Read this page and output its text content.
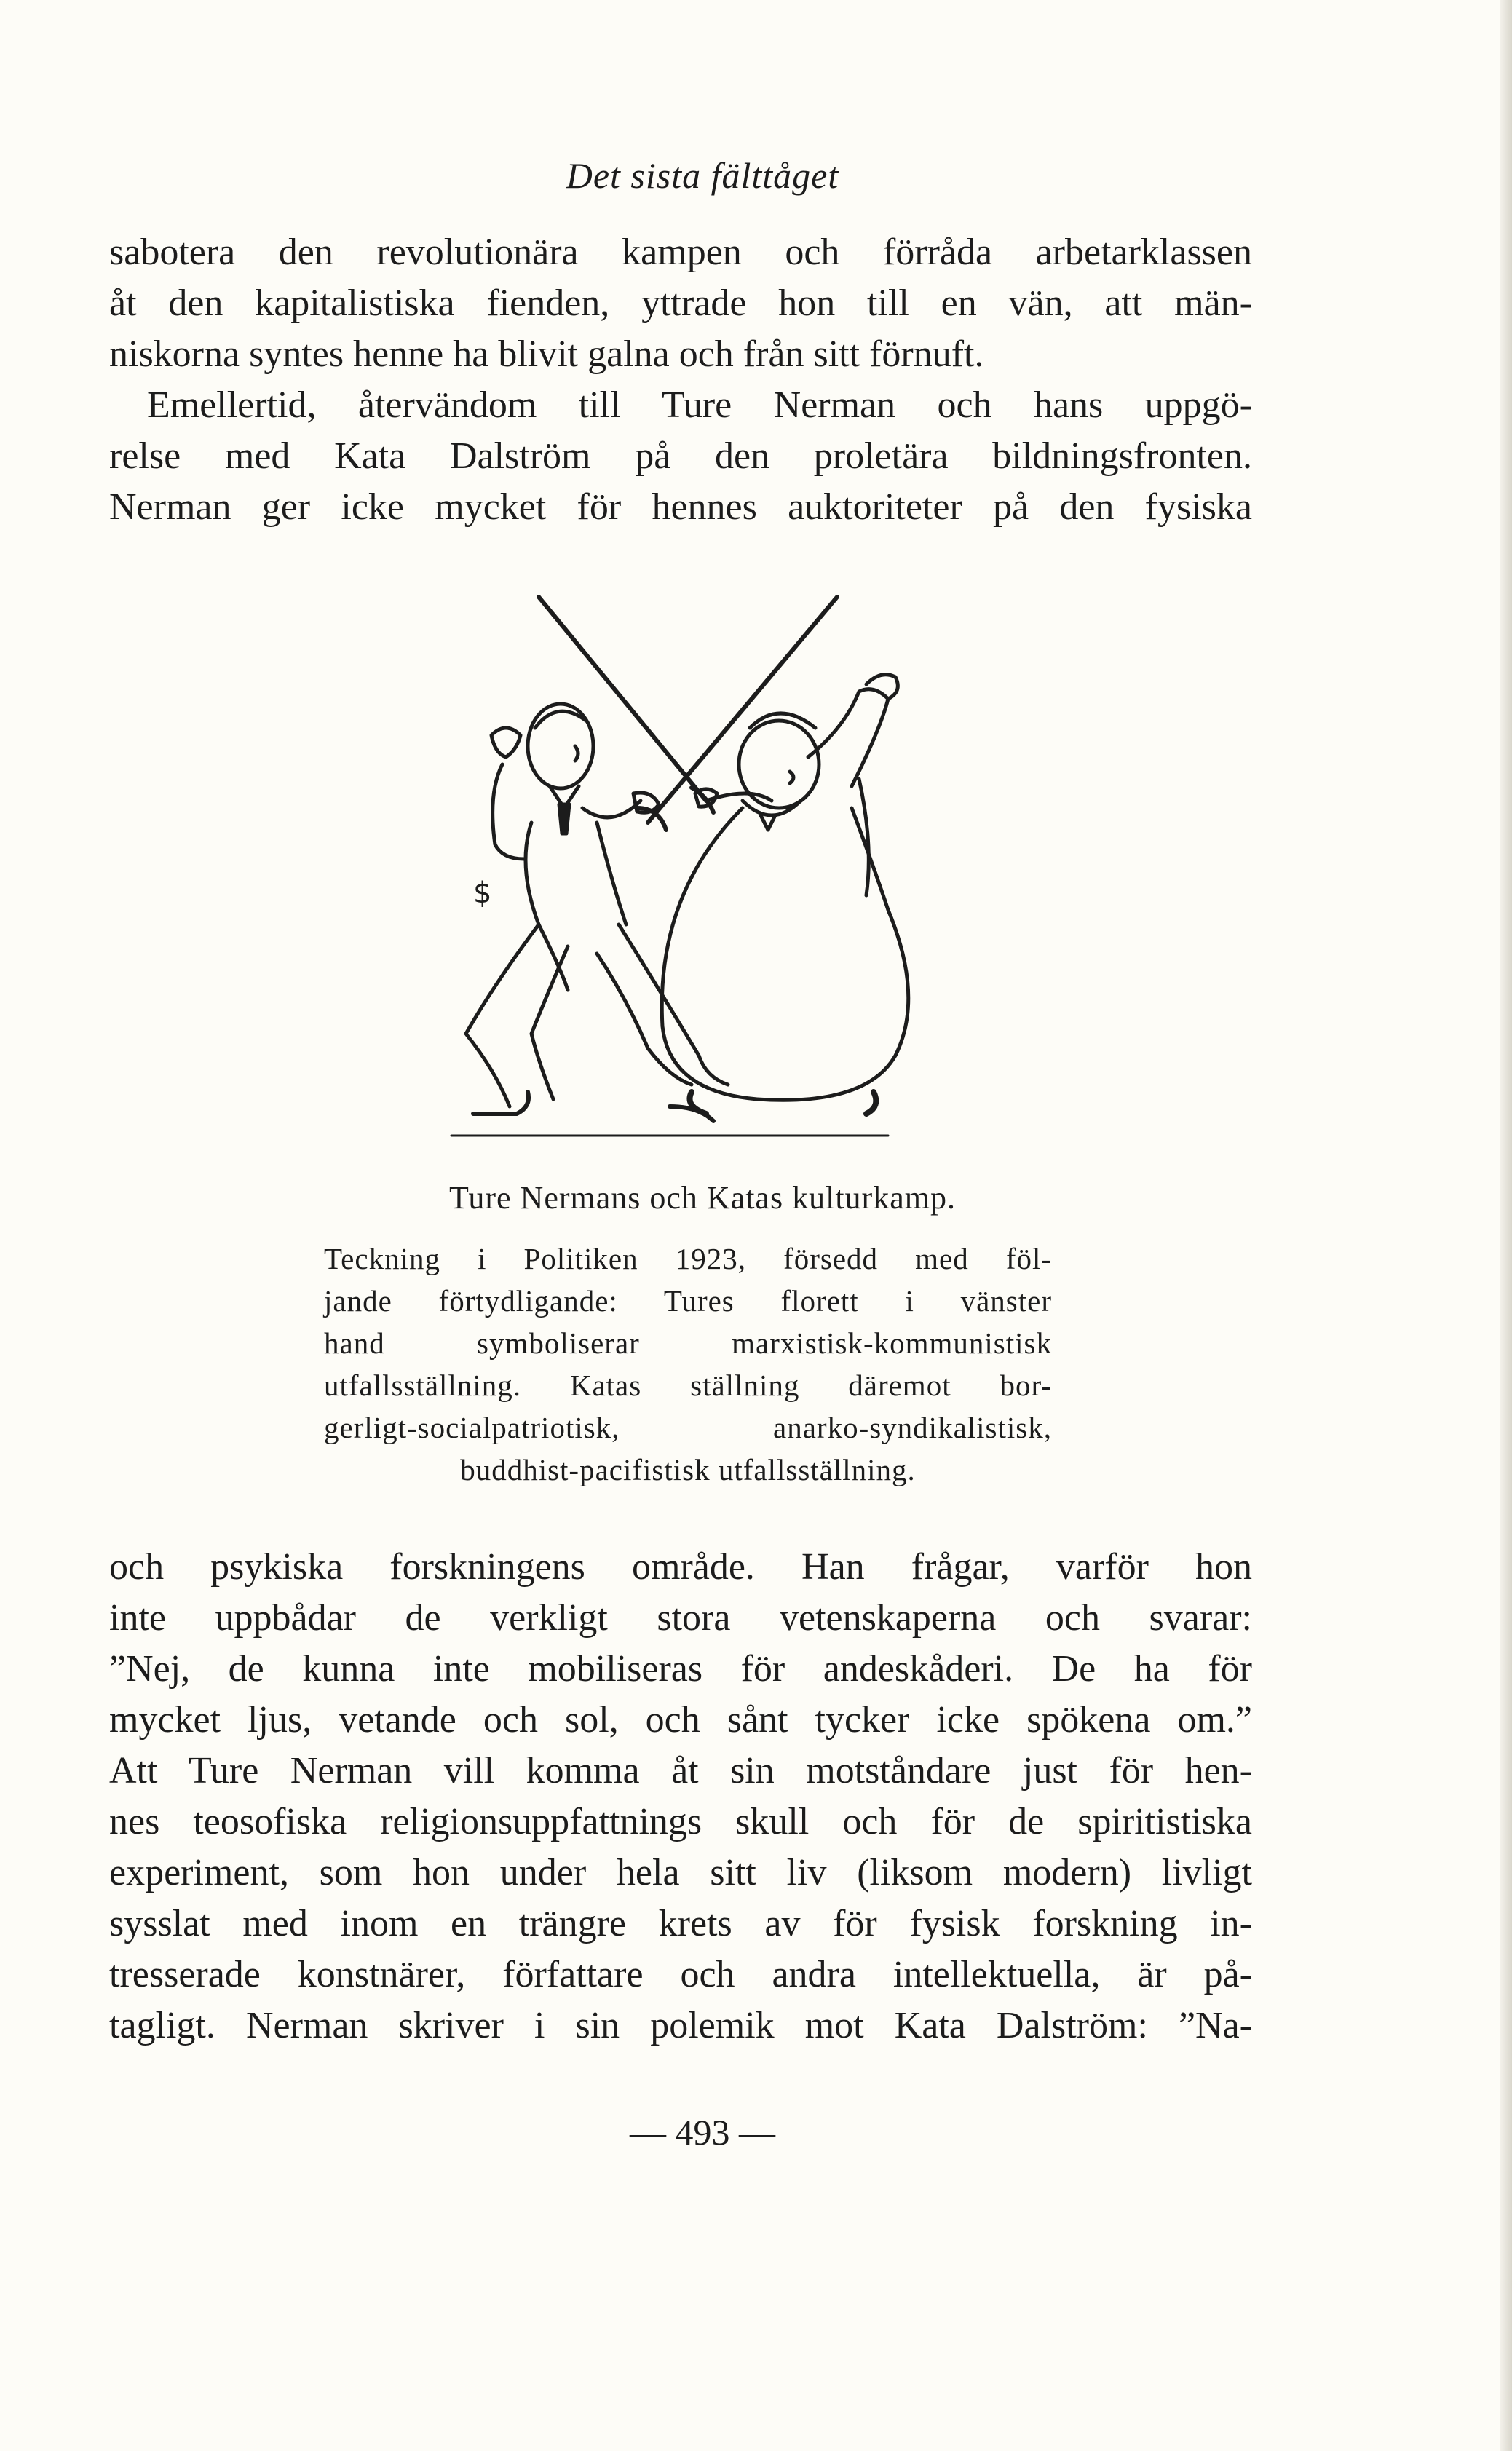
Det sista fälttåget
sabotera den revolutionära kampen och förråda arbetarklassen
åt den kapitalistiska fienden, yttrade hon till en vän, att män-
niskorna syntes henne ha blivit galna och från sitt förnuft.
Emellertid, återvändom till Ture Nerman och hans uppgö-
relse med Kata Dalström på den proletära bildningsfronten.
Nerman ger icke mycket för hennes auktoriteter på den fysiska
$
Ture Nermans och Katas kulturkamp.
Teckning i Politiken 1923, försedd med föl-
jande förtydligande: Tures florett i vänster
hand symboliserar marxistisk-kommunistisk
utfallsställning. Katas ställning däremot bor-
gerligt-socialpatriotisk, anarko-syndikalistisk,
buddhist-pacifistisk utfallsställning.
och psykiska forskningens område. Han frågar, varför hon
inte uppbådar de verkligt stora vetenskaperna och svarar:
”Nej, de kunna inte mobiliseras för andeskåderi. De ha för
mycket ljus, vetande och sol, och sånt tycker icke spökena om.”
Att Ture Nerman vill komma åt sin motståndare just för hen-
nes teosofiska religionsuppfattnings skull och för de spiritistiska
experiment, som hon under hela sitt liv (liksom modern) livligt
sysslat med inom en trängre krets av för fysisk forskning in-
tresserade konstnärer, författare och andra intellektuella, är på-
tagligt. Nerman skriver i sin polemik mot Kata Dalström: ”Na-
— 493 —
